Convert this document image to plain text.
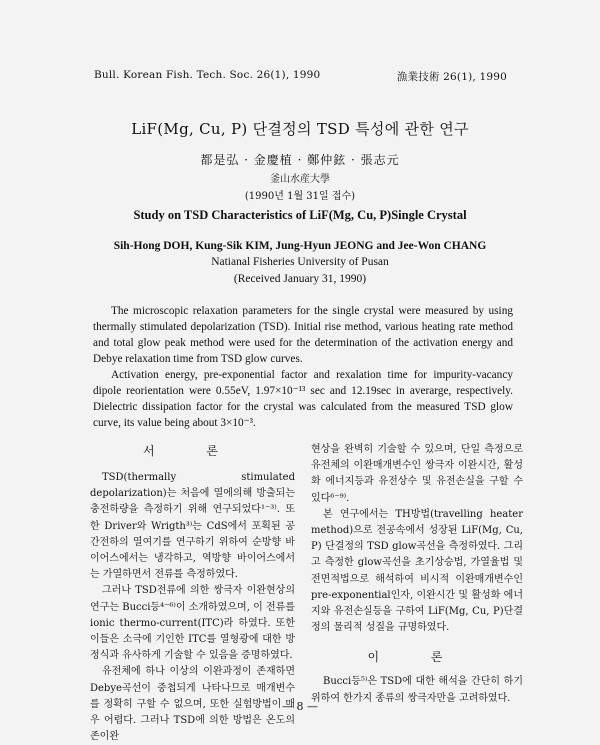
Bull. Korean Fish. Tech. Soc. 26(1), 1990	漁業技術 26(1), 1990
LiF(Mg, Cu, P) 단결정의 TSD 특성에 관한 연구
都是弘 · 金慶植 · 鄭仲鉉 · 張志元
釜山水産大學
(1990년 1월 31일 접수)
Study on TSD Characteristics of LiF(Mg, Cu, P)Single Crystal
Sih-Hong DOH, Kung-Sik KIM, Jung-Hyun JEONG and Jee-Won CHANG
Natianal Fisheries University of Pusan
(Received January 31, 1990)

The microscopic relaxation parameters for the single crystal were measured by using thermally stimulated depolarization (TSD). Initial rise method, various heating rate method and total glow peak method were used for the determination of the activation energy and Debye relaxation time from TSD glow curves.

Activation energy, pre-exponential factor and rexalation time for impurity-vacancy dipole reorientation were 0.55eV, 1.97×10⁻¹³ sec and 12.19sec in averarge, respectively. Dielectric dissipation factor for the crystal was calculated from the measured TSD glow curve, its value being about 3×10⁻³.

서 론

TSD(thermally stimulated depolarization)는 처음에 열에의해 방출되는 충전하량을 측정하기 위해 연구되었다¹⁻³⁾. 또한 Driver와 Wrigth³⁾는 CdS에서 포획된 공간전하의 열여기를 연구하기 위하여 순방향 바이어스에서는 냉각하고, 역방향 바이어스에서는 가열하면서 전류를 측정하였다.

그러나 TSD전류에 의한 쌍극자 이완현상의 연구는 Bucci등⁴⁻⁶⁾이 소개하였으며, 이 전류를 ionic thermo-current(ITC)라 하였다. 또한 이들은 소극에 기인한 ITC를 열형광에 대한 방정식과 유사하게 기술할 수 있음을 증명하였다.

유전체에 하나 이상의 이완과정이 존재하면 Debye곡선이 중첩되게 나타나므로 매개변수를 정확히 구할 수 없으며, 또한 실험방법이 매우 어렵다. 그러나 TSD에 의한 방법은 온도의존이완

현상을 완벽히 기술할 수 있으며, 단일 측정으로 유전체의 이완매개변수인 쌍극자 이완시간, 활성화 에너지등과 유전상수 및 유전손실을 구할 수 있다⁶⁻⁹⁾.

본 연구에서는 TH방법(travelling heater method)으로 전공속에서 성장된 LiF(Mg, Cu, P) 단결정의 TSD glow곡선을 측정하였다. 그리고 측정한 glow곡선을 초기상승법, 가열율법 및 전면적법으로 해석하여 비시적 이완매개변수인 pre-exponential인자, 이완시간 및 활성화 에너지와 유전손실등을 구하여 LiF(Mg, Cu, P)단결정의 물리적 성질을 규명하였다.

이 론

Bucci등⁵⁾은 TSD에 대한 해석을 간단히 하기 위하여 한가지 종류의 쌍극자만을 고려하였다.

— 8 —
